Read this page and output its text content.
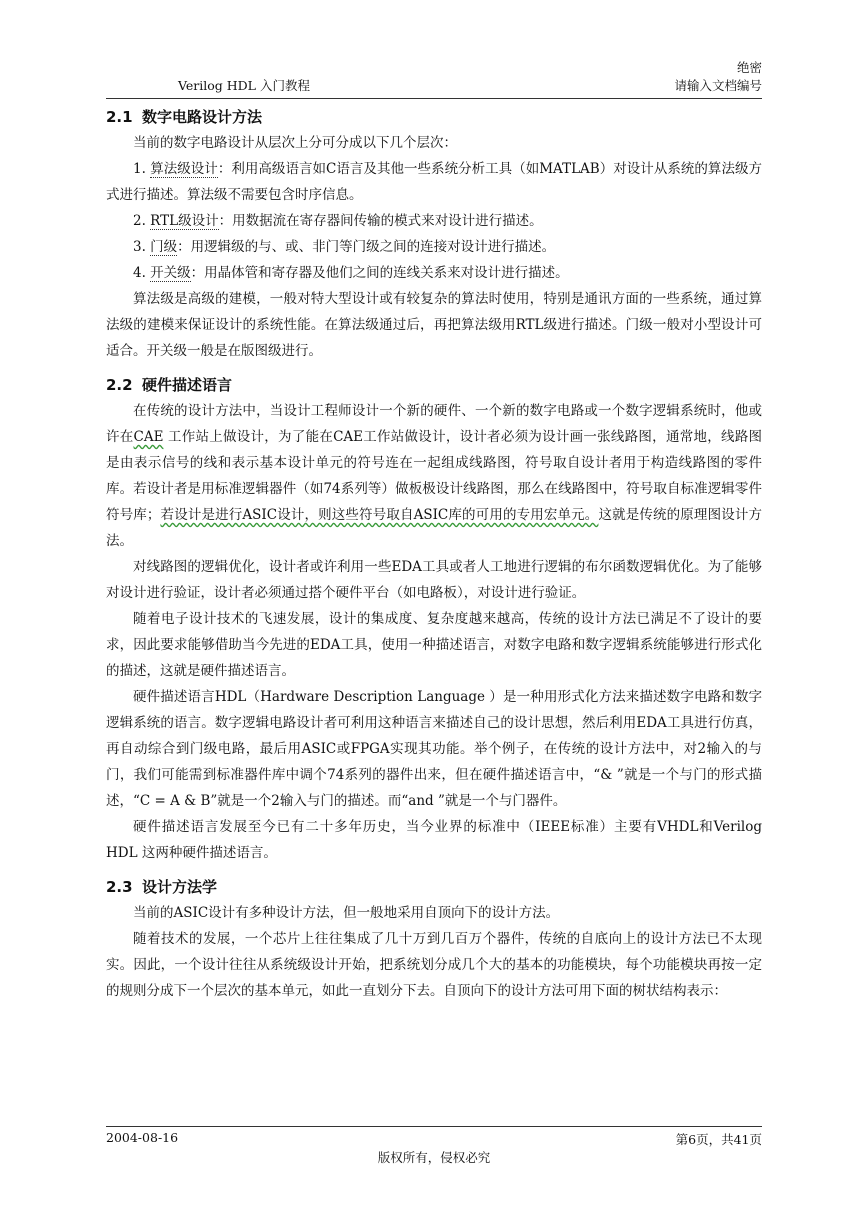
绝密
Verilog HDL 入门教程	请输入文档编号
2.1 数字电路设计方法

当前的数字电路设计从层次上分可分成以下几个层次：

1. 算法级设计：利用高级语言如C语言及其他一些系统分析工具（如MATLAB）对设计从系统的算法级方式进行描述。算法级不需要包含时序信息。

2. RTL级设计：用数据流在寄存器间传输的模式来对设计进行描述。

3. 门级：用逻辑级的与、或、非门等门级之间的连接对设计进行描述。

4. 开关级：用晶体管和寄存器及他们之间的连线关系来对设计进行描述。

算法级是高级的建模，一般对特大型设计或有较复杂的算法时使用，特别是通讯方面的一些系统，通过算法级的建模来保证设计的系统性能。在算法级通过后，再把算法级用RTL级进行描述。门级一般对小型设计可适合。开关级一般是在版图级进行。

2.2 硬件描述语言

在传统的设计方法中，当设计工程师设计一个新的硬件、一个新的数字电路或一个数字逻辑系统时，他或许在CAE 工作站上做设计，为了能在CAE工作站做设计，设计者必须为设计画一张线路图，通常地，线路图是由表示信号的线和表示基本设计单元的符号连在一起组成线路图，符号取自设计者用于构造线路图的零件库。若设计者是用标准逻辑器件（如74系列等）做板极设计线路图，那么在线路图中，符号取自标准逻辑零件符号库；若设计是进行ASIC设计，则这些符号取自ASIC库的可用的专用宏单元。这就是传统的原理图设计方法。

对线路图的逻辑优化，设计者或许利用一些EDA工具或者人工地进行逻辑的布尔函数逻辑优化。为了能够对设计进行验证，设计者必须通过搭个硬件平台（如电路板），对设计进行验证。

随着电子设计技术的飞速发展，设计的集成度、复杂度越来越高，传统的设计方法已满足不了设计的要求，因此要求能够借助当今先进的EDA工具，使用一种描述语言，对数字电路和数字逻辑系统能够进行形式化的描述，这就是硬件描述语言。

硬件描述语言HDL（Hardware Description Language ）是一种用形式化方法来描述数字电路和数字逻辑系统的语言。数字逻辑电路设计者可利用这种语言来描述自己的设计思想，然后利用EDA工具进行仿真，再自动综合到门级电路，最后用ASIC或FPGA实现其功能。举个例子，在传统的设计方法中，对2输入的与门，我们可能需到标准器件库中调个74系列的器件出来，但在硬件描述语言中，“& ”就是一个与门的形式描述，“C = A & B”就是一个2输入与门的描述。而“and ”就是一个与门器件。

硬件描述语言发展至今已有二十多年历史，当今业界的标准中（IEEE标准）主要有VHDL和Verilog HDL 这两种硬件描述语言。

2.3 设计方法学

当前的ASIC设计有多种设计方法，但一般地采用自顶向下的设计方法。

随着技术的发展，一个芯片上往往集成了几十万到几百万个器件，传统的自底向上的设计方法已不太现实。因此，一个设计往往从系统级设计开始，把系统划分成几个大的基本的功能模块，每个功能模块再按一定的规则分成下一个层次的基本单元，如此一直划分下去。自顶向下的设计方法可用下面的树状结构表示：

2004-08-16	第6页，共41页
版权所有，侵权必究
